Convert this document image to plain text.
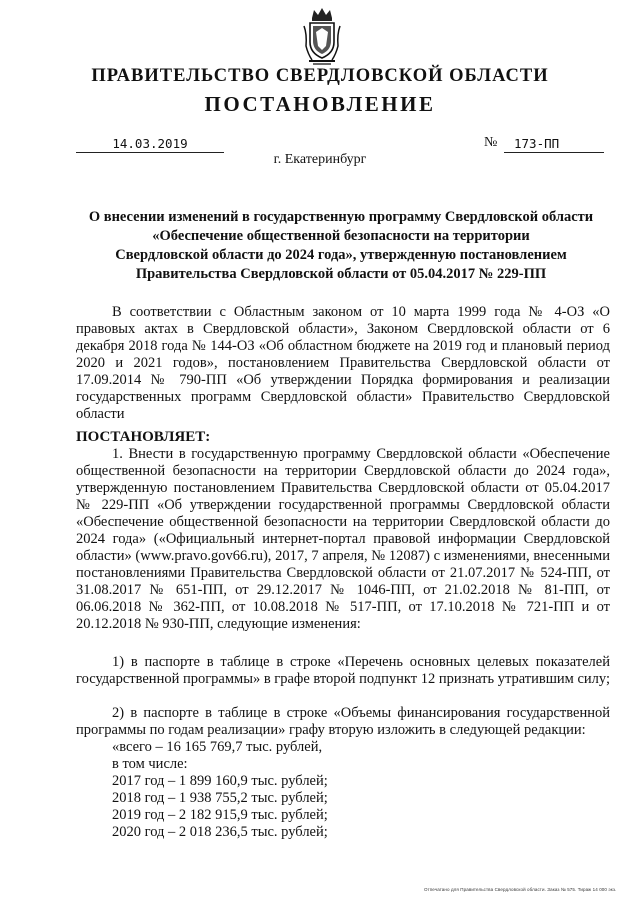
ПРАВИТЕЛЬСТВО СВЕРДЛОВСКОЙ ОБЛАСТИ
ПОСТАНОВЛЕНИЕ
14.03.2019	№	173-ПП
г. Екатеринбург
О внесении изменений в государственную программу Свердловской области
«Обеспечение общественной безопасности на территории
Свердловской области до 2024 года», утвержденную постановлением
Правительства Свердловской области от 05.04.2017 № 229-ПП
В соответствии с Областным законом от 10 марта 1999 года № 4-ОЗ «О правовых актах в Свердловской области», Законом Свердловской области от 6 декабря 2018 года № 144-ОЗ «Об областном бюджете на 2019 год и плановый период 2020 и 2021 годов», постановлением Правительства Свердловской области от 17.09.2014 № 790-ПП «Об утверждении Порядка формирования и реализации государственных программ Свердловской области» Правительство Свердловской области
ПОСТАНОВЛЯЕТ:
1. Внести в государственную программу Свердловской области «Обеспечение общественной безопасности на территории Свердловской области до 2024 года», утвержденную постановлением Правительства Свердловской области от 05.04.2017 № 229-ПП «Об утверждении государственной программы Свердловской области «Обеспечение общественной безопасности на территории Свердловской области до 2024 года» («Официальный интернет-портал правовой информации Свердловской области» (www.pravo.gov66.ru), 2017, 7 апреля, № 12087) с изменениями, внесенными постановлениями Правительства Свердловской области от 21.07.2017 № 524-ПП, от 31.08.2017 № 651-ПП, от 29.12.2017 № 1046-ПП, от 21.02.2018 № 81-ПП, от 06.06.2018 № 362-ПП, от 10.08.2018 № 517-ПП, от 17.10.2018 № 721-ПП и от 20.12.2018 № 930-ПП, следующие изменения:
1) в паспорте в таблице в строке «Перечень основных целевых показателей государственной программы» в графе второй подпункт 12 признать утратившим силу;
2) в паспорте в таблице в строке «Объемы финансирования государственной программы по годам реализации» графу вторую изложить в следующей редакции:
«всего – 16 165 769,7 тыс. рублей,
в том числе:
2017 год – 1 899 160,9 тыс. рублей;
2018 год – 1 938 755,2 тыс. рублей;
2019 год – 2 182 915,9 тыс. рублей;
2020 год – 2 018 236,5 тыс. рублей;
Отпечатано для Правительства Свердловской области. Заказ № 575. Тираж 14 000 экз.
